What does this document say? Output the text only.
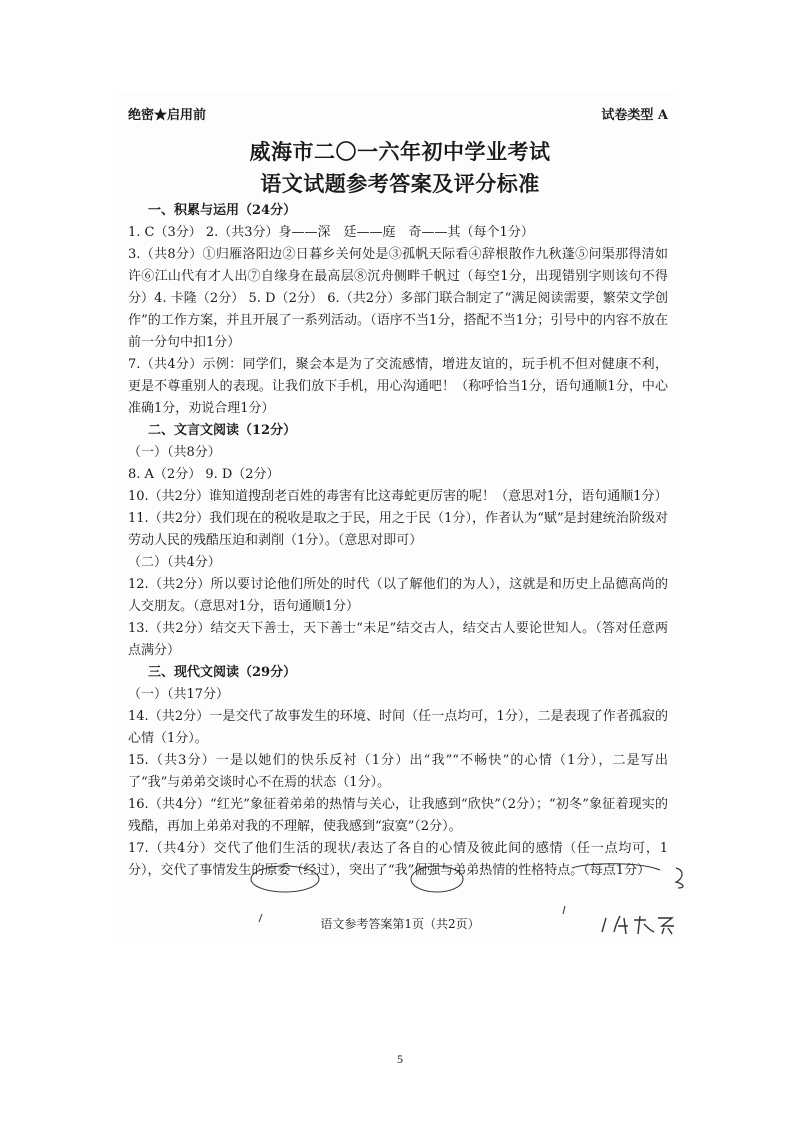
绝密★启用前	试卷类型 A
威海市二〇一六年初中学业考试
语文试题参考答案及评分标准

一、积累与运用（24分）

1. C（3分） 2.（共3分）身——深　廷——庭　奇——其（每个1分）

3.（共8分）①归雁洛阳边②日暮乡关何处是③孤帆天际看④辞根散作九秋蓬⑤问渠那得清如许⑥江山代有才人出⑦自缘身在最高层⑧沉舟侧畔千帆过（每空1分，出现错别字则该句不得分）4. 卡隆（2分） 5. D（2分） 6.（共2分）多部门联合制定了“满足阅读需要，繁荣文学创作”的工作方案，并且开展了一系列活动。（语序不当1分，搭配不当1分；引号中的内容不放在前一分句中扣1分）

7.（共4分）示例：同学们，聚会本是为了交流感情，增进友谊的，玩手机不但对健康不利，更是不尊重别人的表现。让我们放下手机，用心沟通吧！（称呼恰当1分，语句通顺1分，中心准确1分，劝说合理1分）

二、文言文阅读（12分）

（一）（共8分）

8. A（2分） 9. D（2分）

10.（共2分）谁知道搜刮老百姓的毒害有比这毒蛇更厉害的呢！（意思对1分，语句通顺1分）

11.（共2分）我们现在的税收是取之于民，用之于民（1分），作者认为“赋”是封建统治阶级对劳动人民的残酷压迫和剥削（1分）。（意思对即可）

（二）（共4分）

12.（共2分）所以要讨论他们所处的时代（以了解他们的为人），这就是和历史上品德高尚的人交朋友。（意思对1分，语句通顺1分）

13.（共2分）结交天下善士，天下善士“未足”结交古人，结交古人要论世知人。（答对任意两点满分）

三、现代文阅读（29分）

（一）（共17分）

14.（共2分）一是交代了故事发生的环境、时间（任一点均可，1分），二是表现了作者孤寂的心情（1分）。

15.（共3分）一是以她们的快乐反衬（1分）出“我”“不畅快”的心情（1分），二是写出了“我”与弟弟交谈时心不在焉的状态（1分）。

16.（共4分）“红光”象征着弟弟的热情与关心，让我感到“欣快”（2分）；“初冬”象征着现实的残酷，再加上弟弟对我的不理解，使我感到“寂寞”（2分）。

17.（共4分）交代了他们生活的现状/表达了各自的心情及彼此间的感情（任一点均可，1分），交代了事情发生的原委（经过），突出了“我”倔强与弟弟热情的性格特点。（每点1分）

语文参考答案第1页（共2页）
5
